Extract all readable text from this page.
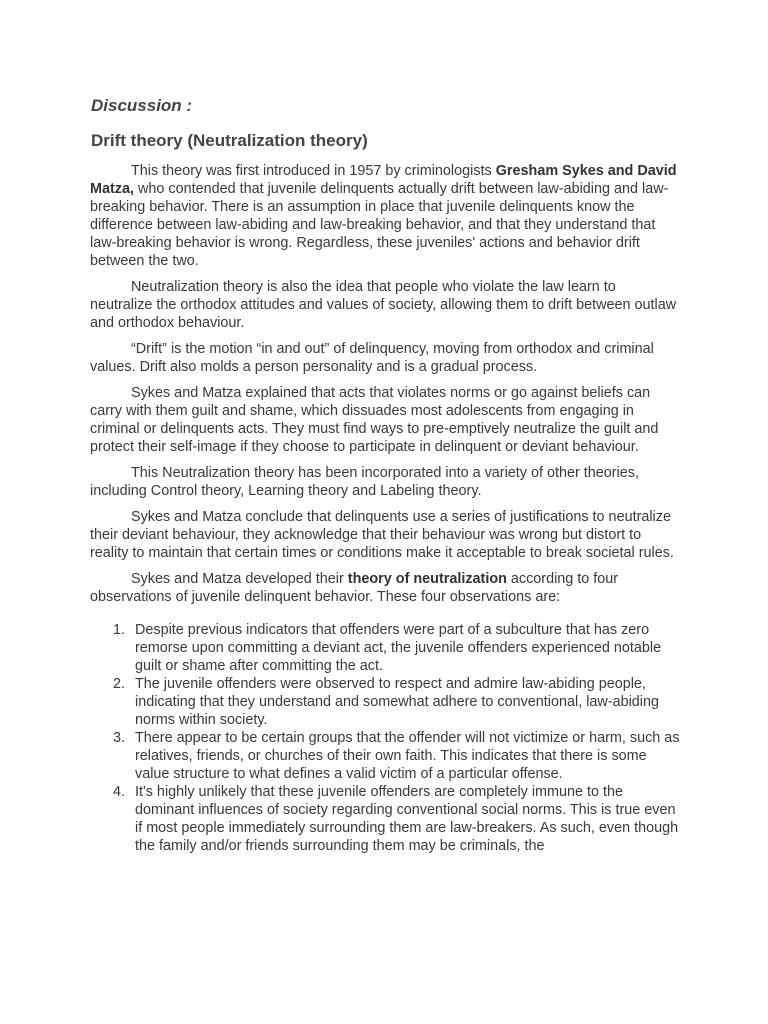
Discussion :
Drift theory (Neutralization theory)

This theory was first introduced in 1957 by criminologists Gresham Sykes and David Matza, who contended that juvenile delinquents actually drift between law-abiding and law-breaking behavior. There is an assumption in place that juvenile delinquents know the difference between law-abiding and law-breaking behavior, and that they understand that law-breaking behavior is wrong. Regardless, these juveniles' actions and behavior drift between the two.

Neutralization theory is also the idea that people who violate the law learn to neutralize the orthodox attitudes and values of society, allowing them to drift between outlaw and orthodox behaviour.

“Drift” is the motion “in and out” of delinquency, moving from orthodox and criminal values. Drift also molds a person personality and is a gradual process.

Sykes and Matza explained that acts that violates norms or go against beliefs can carry with them guilt and shame, which dissuades most adolescents from engaging in criminal or delinquents acts. They must find ways to pre-emptively neutralize the guilt and protect their self-image if they choose to participate in delinquent or deviant behaviour.

This Neutralization theory has been incorporated into a variety of other theories, including Control theory, Learning theory and Labeling theory.

Sykes and Matza conclude that delinquents use a series of justifications to neutralize their deviant behaviour, they acknowledge that their behaviour was wrong but distort to reality to maintain that certain times or conditions make it acceptable to break societal rules.

Sykes and Matza developed their theory of neutralization according to four observations of juvenile delinquent behavior. These four observations are:

1. Despite previous indicators that offenders were part of a subculture that has zero remorse upon committing a deviant act, the juvenile offenders experienced notable guilt or shame after committing the act.
2. The juvenile offenders were observed to respect and admire law-abiding people, indicating that they understand and somewhat adhere to conventional, law-abiding norms within society.
3. There appear to be certain groups that the offender will not victimize or harm, such as relatives, friends, or churches of their own faith. This indicates that there is some value structure to what defines a valid victim of a particular offense.
4. It's highly unlikely that these juvenile offenders are completely immune to the dominant influences of society regarding conventional social norms. This is true even if most people immediately surrounding them are law-breakers. As such, even though the family and/or friends surrounding them may be criminals, the
